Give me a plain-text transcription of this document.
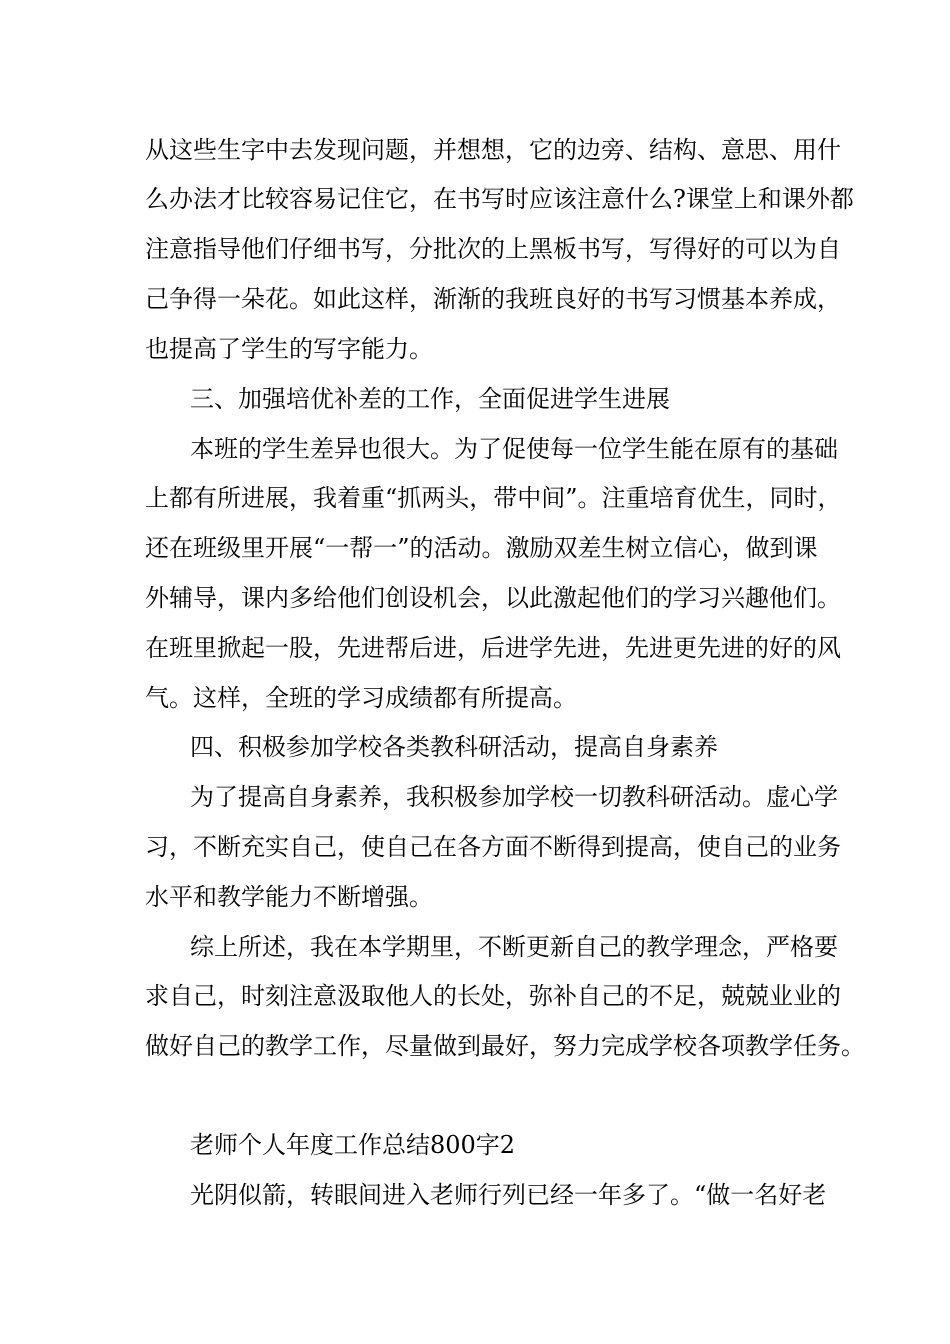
从这些生字中去发现问题，并想想，它的边旁、结构、意思、用什
么办法才比较容易记住它，在书写时应该注意什么?课堂上和课外都
注意指导他们仔细书写，分批次的上黑板书写，写得好的可以为自
己争得一朵花。如此这样，渐渐的我班良好的书写习惯基本养成，
也提高了学生的写字能力。
三、加强培优补差的工作，全面促进学生进展
本班的学生差异也很大。为了促使每一位学生能在原有的基础
上都有所进展，我着重“抓两头，带中间”。注重培育优生，同时，
还在班级里开展“一帮一”的活动。激励双差生树立信心，做到课
外辅导，课内多给他们创设机会，以此激起他们的学习兴趣他们。
在班里掀起一股，先进帮后进，后进学先进，先进更先进的好的风
气。这样，全班的学习成绩都有所提高。
四、积极参加学校各类教科研活动，提高自身素养
为了提高自身素养，我积极参加学校一切教科研活动。虚心学
习，不断充实自己，使自己在各方面不断得到提高，使自己的业务
水平和教学能力不断增强。
综上所述，我在本学期里，不断更新自己的教学理念，严格要
求自己，时刻注意汲取他人的长处，弥补自己的不足，兢兢业业的
做好自己的教学工作，尽量做到最好，努力完成学校各项教学任务。
老师个人年度工作总结800字2
光阴似箭，转眼间进入老师行列已经一年多了。“做一名好老
